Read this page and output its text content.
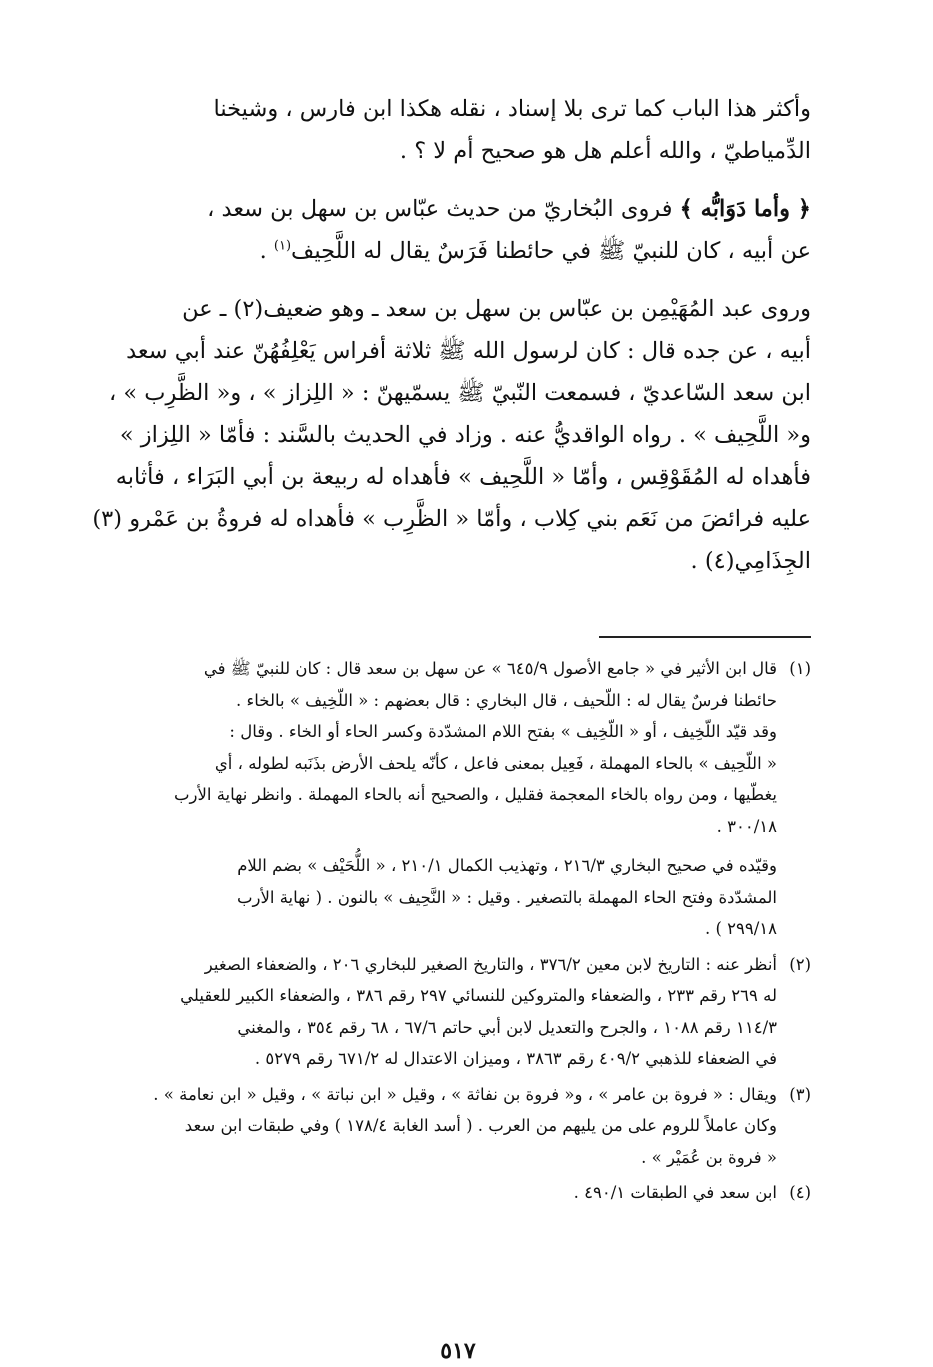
وأكثر هذا الباب كما ترى بلا إسناد ، نقله هكذا ابن فارس ، وشيخنا
الدِّمياطيّ ، والله أعلم هل هو صحيح أم لا ؟ .

﴿ وأما دَوَابُّه ﴾ فروى البُخاريّ من حديث عبّاس بن سهل بن سعد ،
عن أبيه ، كان للنبيّ ﷺ في حائطنا فَرَسٌ يقال له اللَّحِيف$^{(١)}$ .

وروى عبد المُهَيْمِن بن عبّاس بن سهل بن سعد ـ وهو ضعيف(٢) ـ عن
أبيه ، عن جده قال : كان لرسول الله ﷺ ثلاثة أفراس يَعْلِفُهُنّ عند أبي سعد
ابن سعد السّاعديّ ، فسمعت النّبيّ ﷺ يسمّيهنّ : « اللِزاز » ، و« الظَّرِب » ،
و« اللَّحِيف » . رواه الواقديُّ عنه . وزاد في الحديث بالسَّند : فأمّا « اللِزاز »
فأهداه له المُقَوْقِس ، وأمّا « اللَّحِيف » فأهداه له ربيعة بن أبي البَرَاء ، فأثابه
عليه فرائضَ من نَعَم بني كِلاب ، وأمّا « الظَّرِب » فأهداه له فروةُ بن عَمْرو (٣)
الجِذَامِي(٤) .

(١)
قال ابن الأثير في « جامع الأصول ٦٤٥/٩ » عن سهل بن سعد قال : كان للنبيّ ﷺ في
حائطنا فرسٌ يقال له : اللّحيف ، قال البخاري : قال بعضهم : « اللّخِيف » بالخاء .
وقد قيّد اللّخِيف ، أو « اللّخِيف » بفتح اللام المشدّدة وكسر الحاء أو الخاء . وقال :
« اللّحِيف » بالحاء المهملة ، فَعِيل بمعنى فاعل ، كأنّه يلحف الأرض بذَنَبه لطوله ، أي
يغطّيها ، ومن رواه بالخاء المعجمة فقليل ، والصحيح أنه بالحاء المهملة . وانظر نهاية الأرب
٣٠٠/١٨ .
وقيّده في صحيح البخاري ٢١٦/٣ ، وتهذيب الكمال ٢١٠/١ ، « اللُّحَيْف » بضم اللام
المشدّدة وفتح الحاء المهملة بالتصغير . وقيل : « النَّحِيف » بالنون . ( نهاية الأرب
٢٩٩/١٨ ) .
(٢)
أنظر عنه : التاريخ لابن معين ٣٧٦/٢ ، والتاريخ الصغير للبخاري ٢٠٦ ، والضعفاء الصغير
له ٢٦٩ رقم ٢٣٣ ، والضعفاء والمتروكين للنسائي ٢٩٧ رقم ٣٨٦ ، والضعفاء الكبير للعقيلي
١١٤/٣ رقم ١٠٨٨ ، والجرح والتعديل لابن أبي حاتم ٦٧/٦ ، ٦٨ رقم ٣٥٤ ، والمغني
في الضعفاء للذهبي ٤٠٩/٢ رقم ٣٨٦٣ ، وميزان الاعتدال له ٦٧١/٢ رقم ٥٢٧٩ .
(٣)
ويقال : « فروة بن عامر » ، و« فروة بن نفاثة » ، وقيل « ابن نباتة » ، وقيل « ابن نعامة » .
وكان عاملاً للروم على من يليهم من العرب . ( أسد الغابة ١٧٨/٤ ) وفي طبقات ابن سعد
« فروة بن عُمَيْر » .
(٤)
ابن سعد في الطبقات ٤٩٠/١ .
٥١٧
